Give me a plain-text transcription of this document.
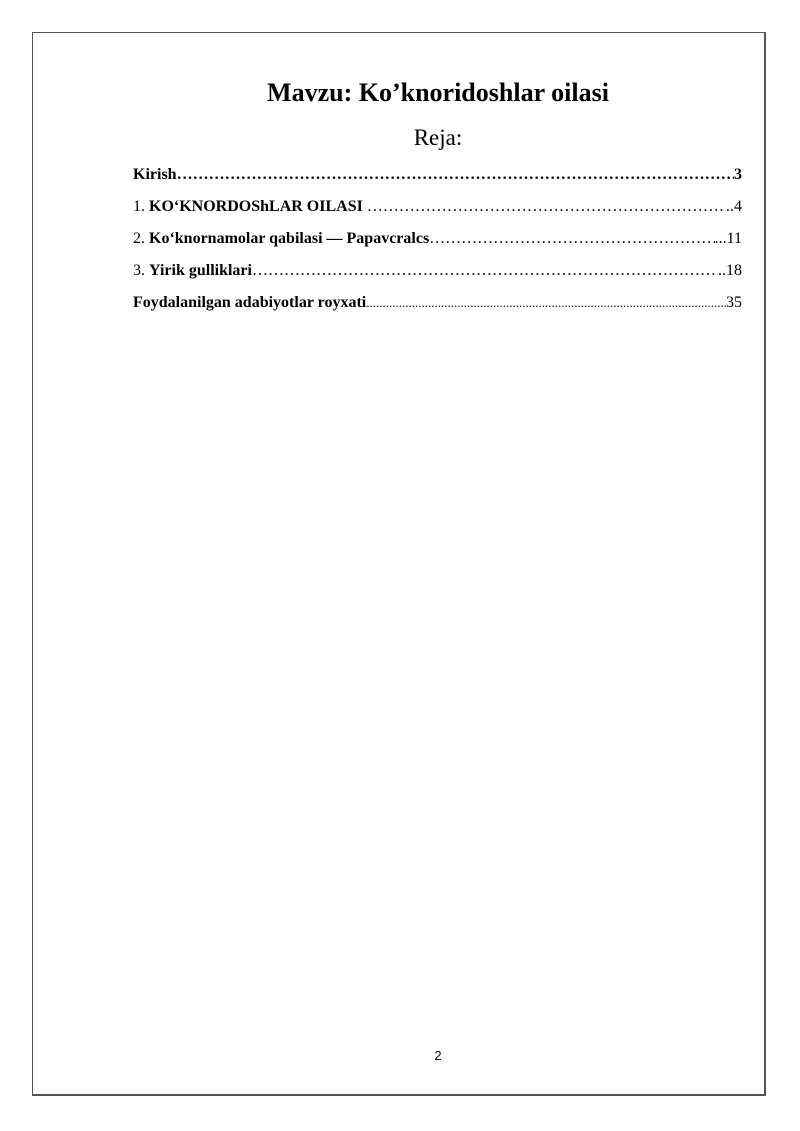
Mavzu: Ko’knoridoshlar oilasi
Reja:
Kirish ……………………………………………………………………………………………………………………………………………………………………	3
1. KO‘KNORDOShLAR OILASI ……………………………………………………………………………………………………………………………………………………………………	..4
2. Ko‘knornamolar qabilasi — Papavcralcs ……………………………………………………………………………………………………………………………………………………………………	...11
3. Yirik gulliklari ……………………………………………………………………………………………………………………………………………………………………	..18
Foydalanilgan adabiyotlar royxati .....	35
2
